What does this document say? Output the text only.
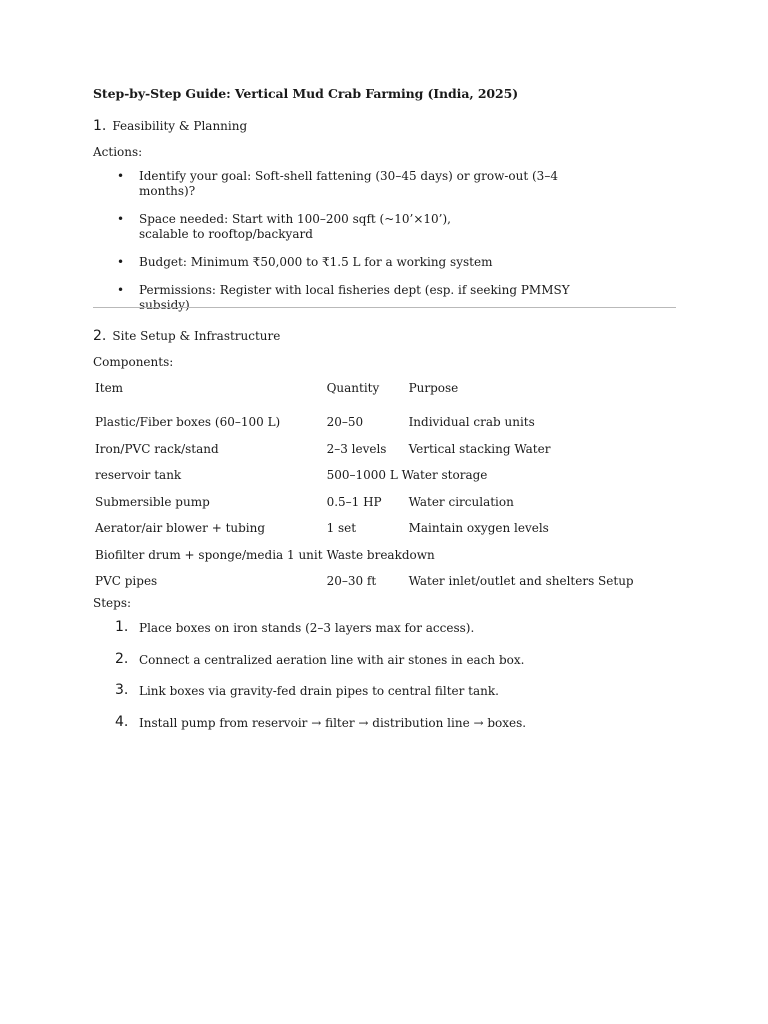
Step-by-Step Guide: Vertical Mud Crab Farming (India, 2025)
1. Feasibility & Planning
Actions:
• Identify your goal: Soft-shell fattening (30–45 days) or grow-out (3–4 months)?
• Space needed: Start with 100–200 sqft (~10’×10’), scalable to rooftop/backyard
• Budget: Minimum ₹50,000 to ₹1.5 L for a working system
• Permissions: Register with local fisheries dept (esp. if seeking PMMSY subsidy)
2. Site Setup & Infrastructure
Components:
Item	Quantity	Purpose
Plastic/Fiber boxes (60–100 L)	20–50	Individual crab units
Iron/PVC rack/stand	2–3 levels	Vertical stacking Water
reservoir tank	500–1000 L Water storage	
Submersible pump	0.5–1 HP	Water circulation
Aerator/air blower + tubing	1 set	Maintain oxygen levels
Biofilter drum + sponge/media 1 unit	Waste breakdown	
PVC pipes	20–30 ft	Water inlet/outlet and shelters Setup
Steps:
1. Place boxes on iron stands (2–3 layers max for access).
2. Connect a centralized aeration line with air stones in each box.
3. Link boxes via gravity-fed drain pipes to central filter tank.
4. Install pump from reservoir → filter → distribution line → boxes.
